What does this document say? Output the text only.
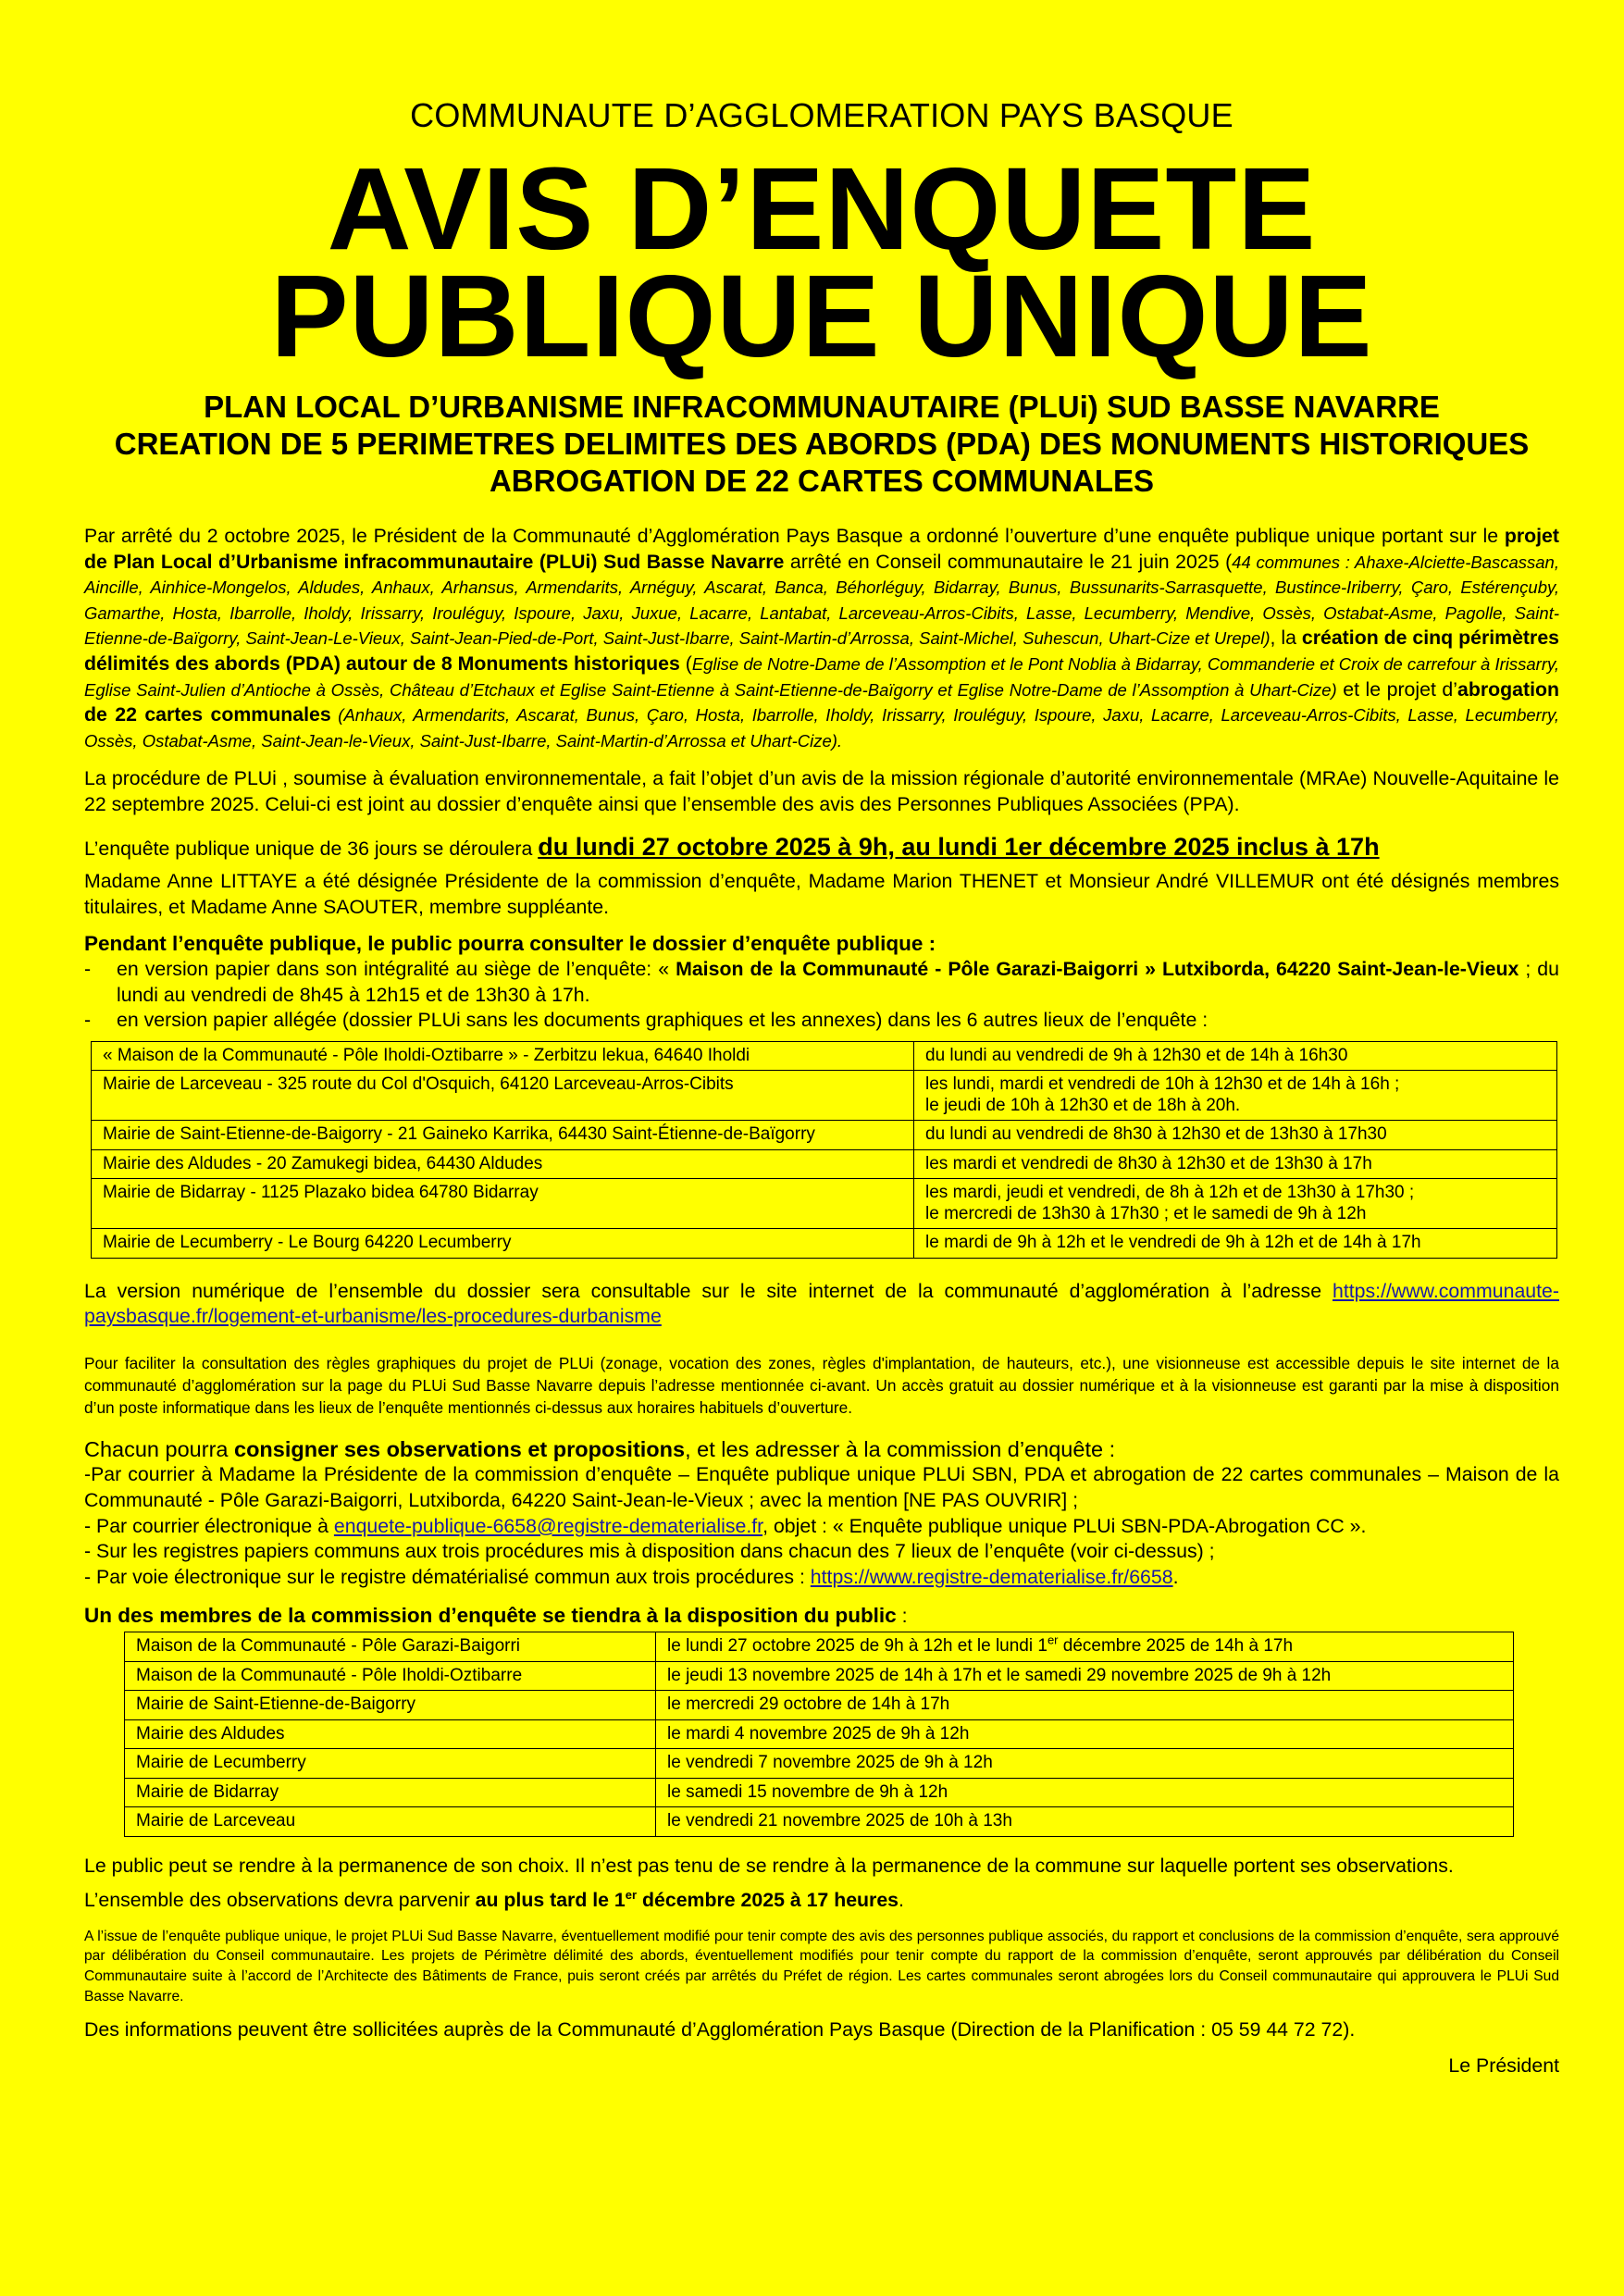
COMMUNAUTE D’AGGLOMERATION PAYS BASQUE
AVIS D’ENQUETE
PUBLIQUE UNIQUE
PLAN LOCAL D’URBANISME INFRACOMMUNAUTAIRE (PLUi) SUD BASSE NAVARRE
CREATION DE 5 PERIMETRES DELIMITES DES ABORDS (PDA) DES MONUMENTS HISTORIQUES
ABROGATION DE 22 CARTES COMMUNALES

Par arrêté du 2 octobre 2025, le Président de la Communauté d’Agglomération Pays Basque a ordonné l’ouverture d’une enquête publique unique portant sur le projet de Plan Local d’Urbanisme infracommunautaire (PLUi) Sud Basse Navarre arrêté en Conseil communautaire le 21 juin 2025 (44 communes : Ahaxe-Alciette-Bascassan, Aincille, Ainhice-Mongelos, Aldudes, Anhaux, Arhansus, Armendarits, Arnéguy, Ascarat, Banca, Béhorléguy, Bidarray, Bunus, Bussunarits-Sarrasquette, Bustince-Iriberry, Çaro, Estérençuby, Gamarthe, Hosta, Ibarrolle, Iholdy, Irissarry, Irouléguy, Ispoure, Jaxu, Juxue, Lacarre, Lantabat, Larceveau-Arros-Cibits, Lasse, Lecumberry, Mendive, Ossès, Ostabat-Asme, Pagolle, Saint-Etienne-de-Baïgorry, Saint-Jean-Le-Vieux, Saint-Jean-Pied-de-Port, Saint-Just-Ibarre, Saint-Martin-d’Arrossa, Saint-Michel, Suhescun, Uhart-Cize et Urepel), la création de cinq périmètres délimités des abords (PDA) autour de 8 Monuments historiques (Eglise de Notre-Dame de l’Assomption et le Pont Noblia à Bidarray, Commanderie et Croix de carrefour à Irissarry, Eglise Saint-Julien d’Antioche à Ossès, Château d’Etchaux et Eglise Saint-Etienne à Saint-Etienne-de-Baïgorry et Eglise Notre-Dame de l’Assomption à Uhart-Cize) et le projet d’abrogation de 22 cartes communales (Anhaux, Armendarits, Ascarat, Bunus, Çaro, Hosta, Ibarrolle, Iholdy, Irissarry, Irouléguy, Ispoure, Jaxu, Lacarre, Larceveau-Arros-Cibits, Lasse, Lecumberry, Ossès, Ostabat-Asme, Saint-Jean-le-Vieux, Saint-Just-Ibarre, Saint-Martin-d’Arrossa et Uhart-Cize).

La procédure de PLUi , soumise à évaluation environnementale, a fait l’objet d’un avis de la mission régionale d’autorité environnementale (MRAe) Nouvelle-Aquitaine le 22 septembre 2025. Celui-ci est joint au dossier d’enquête ainsi que l’ensemble des avis des Personnes Publiques Associées (PPA).

L’enquête publique unique de 36 jours se déroulera du lundi 27 octobre 2025 à 9h, au lundi 1er décembre 2025 inclus à 17h

Madame Anne LITTAYE a été désignée Présidente de la commission d’enquête, Madame Marion THENET et Monsieur André VILLEMUR ont été désignés membres titulaires, et Madame Anne SAOUTER, membre suppléante.

Pendant l’enquête publique, le public pourra consulter le dossier d’enquête publique :

-	en version papier dans son intégralité au siège de l’enquête: « Maison de la Communauté - Pôle Garazi-Baigorri » Lutxiborda, 64220 Saint-Jean-le-Vieux ; du lundi au vendredi de 8h45 à 12h15 et de 13h30 à 17h.
-	en version papier allégée (dossier PLUi sans les documents graphiques et les annexes) dans les 6 autres lieux de l’enquête :
« Maison de la Communauté - Pôle Iholdi-Oztibarre » - Zerbitzu lekua, 64640 Iholdi	du lundi au vendredi de 9h à 12h30 et de 14h à 16h30

Mairie de Larceveau - 325 route du Col d'Osquich, 64120 Larceveau-Arros-Cibits	les lundi, mardi et vendredi de 10h à 12h30 et de 14h à 16h ;
le jeudi de 10h à 12h30 et de 18h à 20h.

Mairie de Saint-Etienne-de-Baigorry - 21 Gaineko Karrika, 64430 Saint-Étienne-de-Baïgorry	du lundi au vendredi de 8h30 à 12h30 et de 13h30 à 17h30

Mairie des Aldudes - 20 Zamukegi bidea, 64430 Aldudes	les mardi et vendredi de 8h30 à 12h30 et de 13h30 à 17h

Mairie de Bidarray - 1125 Plazako bidea 64780 Bidarray	les mardi, jeudi et vendredi, de 8h à 12h et de 13h30 à 17h30 ;
le mercredi de 13h30 à 17h30 ; et le samedi de 9h à 12h

Mairie de Lecumberry - Le Bourg 64220 Lecumberry	le mardi de 9h à 12h et le vendredi de 9h à 12h et de 14h à 17h

La version numérique de l’ensemble du dossier sera consultable sur le site internet de la communauté d’agglomération à l’adresse https://www.communaute-paysbasque.fr/logement-et-urbanisme/les-procedures-durbanisme

Pour faciliter la consultation des règles graphiques du projet de PLUi (zonage, vocation des zones, règles d'implantation, de hauteurs, etc.), une visionneuse est accessible depuis le site internet de la communauté d’agglomération sur la page du PLUi Sud Basse Navarre depuis l’adresse mentionnée ci-avant. Un accès gratuit au dossier numérique et à la visionneuse est garanti par la mise à disposition d’un poste informatique dans les lieux de l’enquête mentionnés ci-dessus aux horaires habituels d’ouverture.

Chacun pourra consigner ses observations et propositions, et les adresser à la commission d’enquête :
-Par courrier à Madame la Présidente de la commission d’enquête – Enquête publique unique PLUi SBN, PDA et abrogation de 22 cartes communales – Maison de la Communauté - Pôle Garazi-Baigorri, Lutxiborda, 64220 Saint-Jean-le-Vieux ; avec la mention [NE PAS OUVRIR] ;
- Par courrier électronique à enquete-publique-6658@registre-dematerialise.fr, objet : « Enquête publique unique PLUi SBN-PDA-Abrogation CC ».
- Sur les registres papiers communs aux trois procédures mis à disposition dans chacun des 7 lieux de l’enquête (voir ci-dessus) ;
- Par voie électronique sur le registre dématérialisé commun aux trois procédures : https://www.registre-dematerialise.fr/6658.

Un des membres de la commission d’enquête se tiendra à la disposition du public :

Maison de la Communauté - Pôle Garazi-Baigorri	le lundi 27 octobre 2025 de 9h à 12h et le lundi 1er décembre 2025 de 14h à 17h
Maison de la Communauté - Pôle Iholdi-Oztibarre	le jeudi 13 novembre 2025 de 14h à 17h et le samedi 29 novembre 2025 de 9h à 12h
Mairie de Saint-Etienne-de-Baigorry	le mercredi 29 octobre de 14h à 17h
Mairie des Aldudes	le mardi 4 novembre 2025 de 9h à 12h
Mairie de Lecumberry	le vendredi 7 novembre 2025 de 9h à 12h
Mairie de Bidarray	le samedi 15 novembre de 9h à 12h
Mairie de Larceveau	le vendredi 21 novembre 2025 de 10h à 13h

Le public peut se rendre à la permanence de son choix. Il n’est pas tenu de se rendre à la permanence de la commune sur laquelle portent ses observations.

L’ensemble des observations devra parvenir au plus tard le 1er décembre 2025 à 17 heures.

A l’issue de l’enquête publique unique, le projet PLUi Sud Basse Navarre, éventuellement modifié pour tenir compte des avis des personnes publique associés, du rapport et conclusions de la commission d’enquête, sera approuvé par délibération du Conseil communautaire. Les projets de Périmètre délimité des abords, éventuellement modifiés pour tenir compte du rapport de la commission d’enquête, seront approuvés par délibération du Conseil Communautaire suite à l’accord de l’Architecte des Bâtiments de France, puis seront créés par arrêtés du Préfet de région. Les cartes communales seront abrogées lors du Conseil communautaire qui approuvera le PLUi Sud Basse Navarre.

Des informations peuvent être sollicitées auprès de la Communauté d’Agglomération Pays Basque (Direction de la Planification : 05 59 44 72 72).

Le Président
